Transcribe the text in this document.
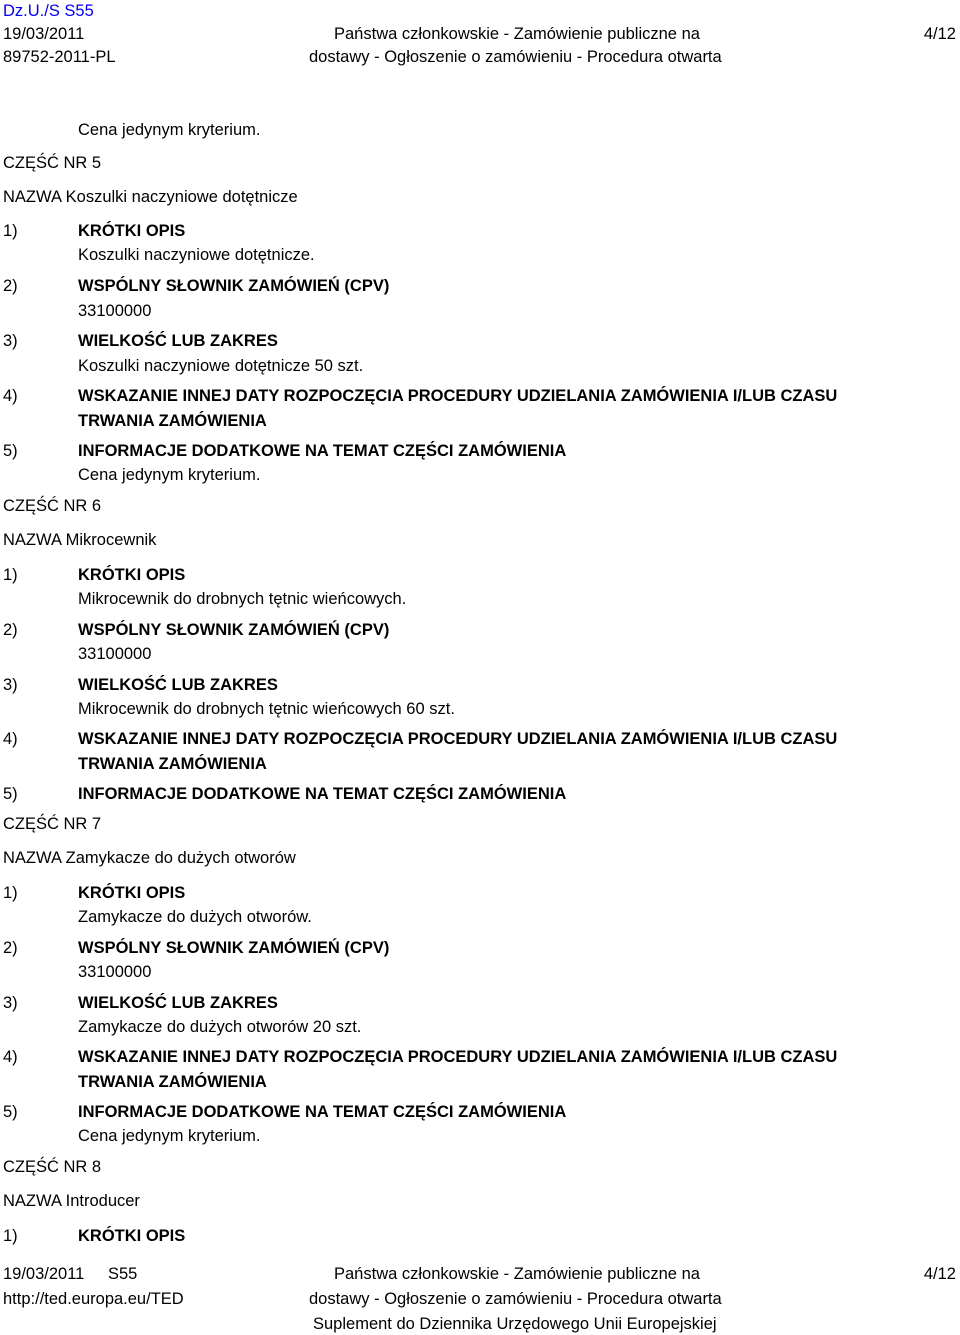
Dz.U./S S55
19/03/2011
89752-2011-PL
Państwa członkowskie - Zamówienie publiczne na
dostawy - Ogłoszenie o zamówieniu - Procedura otwarta
4/12
Cena jedynym kryterium.
CZĘŚĆ NR 5
NAZWA Koszulki naczyniowe dotętnicze
1)	KRÓTKI OPIS
Koszulki naczyniowe dotętnicze.
2)	WSPÓLNY SŁOWNIK ZAMÓWIEŃ (CPV)
33100000
3)	WIELKOŚĆ LUB ZAKRES
Koszulki naczyniowe dotętnicze 50 szt.
4)	WSKAZANIE INNEJ DATY ROZPOCZĘCIA PROCEDURY UDZIELANIA ZAMÓWIENIA I/LUB CZASU
TRWANIA ZAMÓWIENIA
5)	INFORMACJE DODATKOWE NA TEMAT CZĘŚCI ZAMÓWIENIA
Cena jedynym kryterium.
CZĘŚĆ NR 6
NAZWA Mikrocewnik
1)	KRÓTKI OPIS
Mikrocewnik do drobnych tętnic wieńcowych.
2)	WSPÓLNY SŁOWNIK ZAMÓWIEŃ (CPV)
33100000
3)	WIELKOŚĆ LUB ZAKRES
Mikrocewnik do drobnych tętnic wieńcowych 60 szt.
4)	WSKAZANIE INNEJ DATY ROZPOCZĘCIA PROCEDURY UDZIELANIA ZAMÓWIENIA I/LUB CZASU
TRWANIA ZAMÓWIENIA
5)	INFORMACJE DODATKOWE NA TEMAT CZĘŚCI ZAMÓWIENIA
CZĘŚĆ NR 7
NAZWA Zamykacze do dużych otworów
1)	KRÓTKI OPIS
Zamykacze do dużych otworów.
2)	WSPÓLNY SŁOWNIK ZAMÓWIEŃ (CPV)
33100000
3)	WIELKOŚĆ LUB ZAKRES
Zamykacze do dużych otworów 20 szt.
4)	WSKAZANIE INNEJ DATY ROZPOCZĘCIA PROCEDURY UDZIELANIA ZAMÓWIENIA I/LUB CZASU
TRWANIA ZAMÓWIENIA
5)	INFORMACJE DODATKOWE NA TEMAT CZĘŚCI ZAMÓWIENIA
Cena jedynym kryterium.
CZĘŚĆ NR 8
NAZWA Introducer
1)	KRÓTKI OPIS
19/03/2011 S55
http://ted.europa.eu/TED
Państwa członkowskie - Zamówienie publiczne na
dostawy - Ogłoszenie o zamówieniu - Procedura otwarta
Suplement do Dziennika Urzędowego Unii Europejskiej
4/12
